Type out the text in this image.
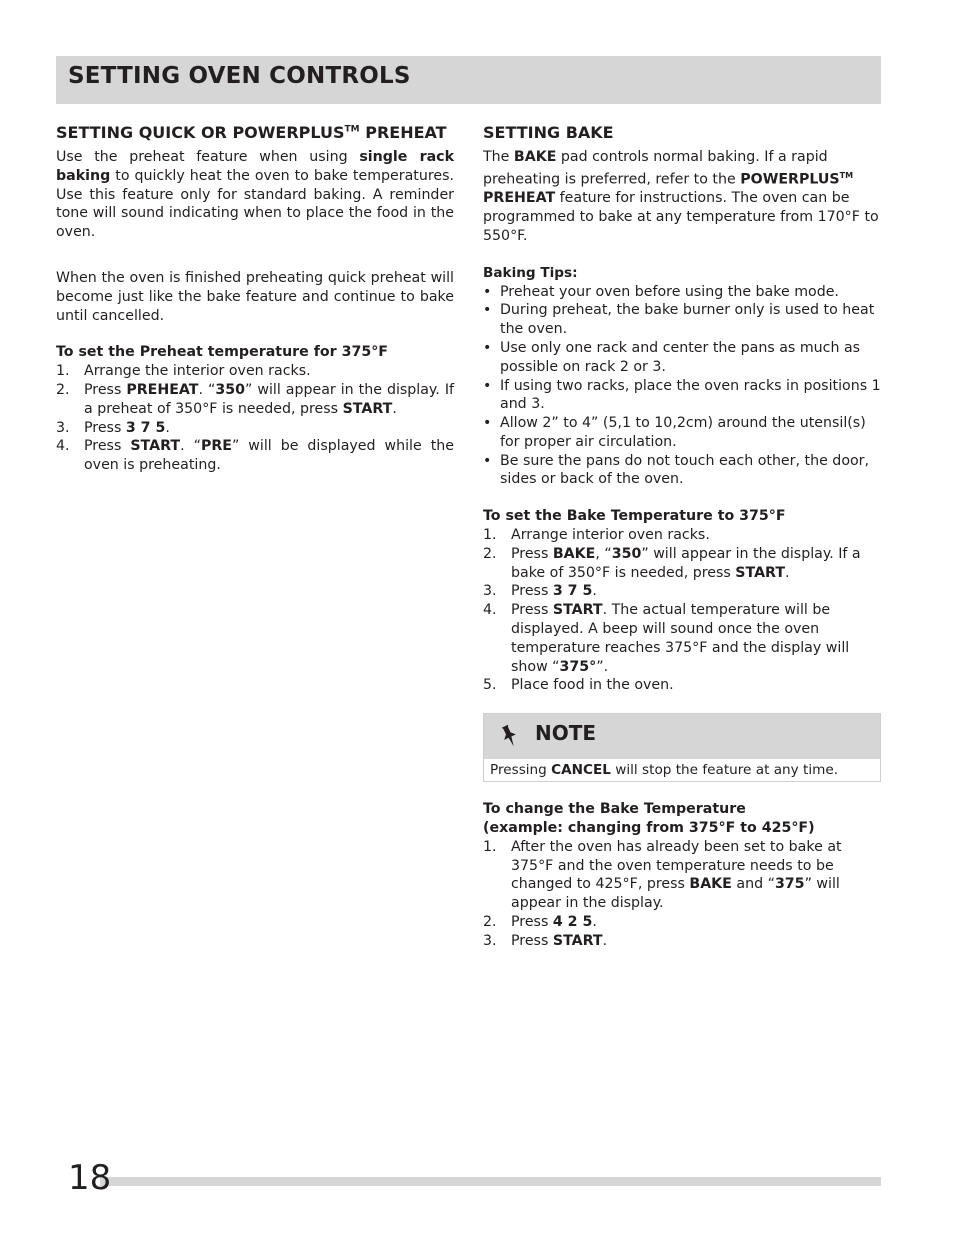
SETTING OVEN CONTROLS
SETTING QUICK OR POWERPLUS™ PREHEAT

Use the preheat feature when using single rack baking to quickly heat the oven to bake temperatures. Use this feature only for standard baking. A reminder tone will sound indicating when to place the food in the oven.

When the oven is finished preheating quick preheat will become just like the bake feature and continue to bake until cancelled.

To set the Preheat temperature for 375°F

1. Arrange the interior oven racks.
2. Press PREHEAT. “350” will appear in the display. If a preheat of 350°F is needed, press START.
3. Press 3 7 5.
4. Press START. “PRE” will be displayed while the oven is preheating.
SETTING BAKE

The BAKE pad controls normal baking. If a rapid preheating is preferred, refer to the POWERPLUS™
PREHEAT feature for instructions. The oven can be programmed to bake at any temperature from 170°F to 550°F.

Baking Tips:

• Preheat your oven before using the bake mode.
• During preheat, the bake burner only is used to heat the oven.
• Use only one rack and center the pans as much as possible on rack 2 or 3.
• If using two racks, place the oven racks in positions 1 and 3.
• Allow 2” to 4” (5,1 to 10,2cm) around the utensil(s) for proper air circulation.
• Be sure the pans do not touch each other, the door, sides or back of the oven.

To set the Bake Temperature to 375°F

1. Arrange interior oven racks.
2. Press BAKE, “350” will appear in the display. If a bake of 350°F is needed, press START.
3. Press 3 7 5.
4. Press START. The actual temperature will be displayed. A beep will sound once the oven temperature reaches 375°F and the display will show “375°”.
5. Place food in the oven.
NOTE

Pressing CANCEL will stop the feature at any time.

To change the Bake Temperature
(example: changing from 375°F to 425°F)

1. After the oven has already been set to bake at 375°F and the oven temperature needs to be changed to 425°F, press BAKE and “375” will appear in the display.
2. Press 4 2 5.
3. Press START.

18
